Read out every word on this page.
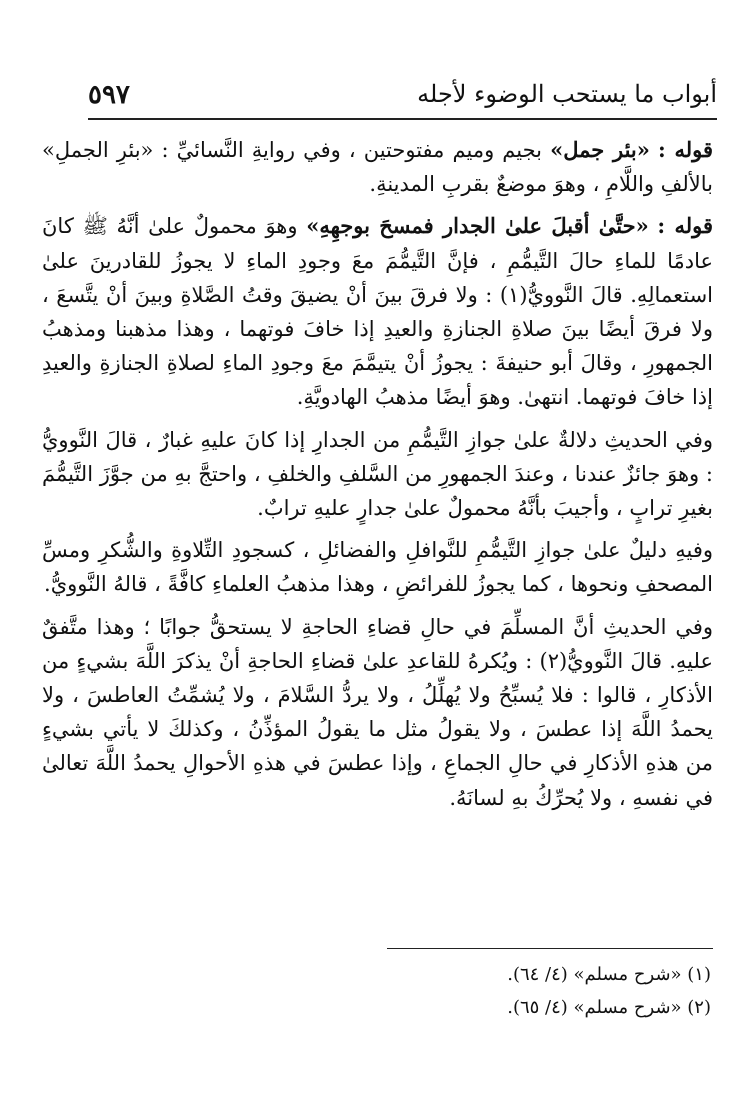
أبواب ما يستحب الوضوء لأجله
٥٩٧

قوله : «بئر جمل» بجيم وميم مفتوحتين ، وفي روايةِ النَّسائيِّ : «بئرِ الجملِ» بالألفِ واللَّامِ ، وهوَ موضعٌ بقربِ المدينةِ.

قوله : «حتَّىٰ أقبلَ علىٰ الجدار فمسحَ بوجهِهِ» وهوَ محمولٌ علىٰ أنَّهُ ﷺ كانَ عادمًا للماءِ حالَ التَّيمُّمِ ، فإنَّ التَّيمُّمَ معَ وجودِ الماءِ لا يجوزُ للقادرينَ علىٰ استعمالِهِ. قالَ النَّوويُّ(١) : ولا فرقَ بينَ أنْ يضيقَ وقتُ الصَّلاةِ وبينَ أنْ يتَّسعَ ، ولا فرقَ أيضًا بينَ صلاةِ الجنازةِ والعيدِ إذا خافَ فوتهما ، وهذا مذهبنا ومذهبُ الجمهورِ ، وقالَ أبو حنيفةَ : يجوزُ أنْ يتيمَّمَ معَ وجودِ الماءِ لصلاةِ الجنازةِ والعيدِ إذا خافَ فوتهما. انتهىٰ. وهوَ أيضًا مذهبُ الهادويَّةِ.

وفي الحديثِ دلالةٌ علىٰ جوازِ التَّيمُّمِ من الجدارِ إذا كانَ عليهِ غبارٌ ، قالَ النَّوويُّ : وهوَ جائزٌ عندنا ، وعندَ الجمهورِ من السَّلفِ والخلفِ ، واحتجَّ بهِ من جوَّزَ التَّيمُّمَ بغيرِ ترابٍ ، وأجيبَ بأنَّهُ محمولٌ علىٰ جدارٍ عليهِ ترابٌ.

وفيهِ دليلٌ علىٰ جوازِ التَّيمُّمِ للنَّوافلِ والفضائلِ ، كسجودِ التِّلاوةِ والشُّكرِ ومسِّ المصحفِ ونحوها ، كما يجوزُ للفرائضِ ، وهذا مذهبُ العلماءِ كافَّةً ، قالهُ النَّوويُّ.

وفي الحديثِ أنَّ المسلِّمَ في حالِ قضاءِ الحاجةِ لا يستحقُّ جوابًا ؛ وهذا متَّفقٌ عليهِ. قالَ النَّوويُّ(٢) : ويُكرهُ للقاعدِ علىٰ قضاءِ الحاجةِ أنْ يذكرَ اللَّهَ بشيءٍ من الأذكارِ ، قالوا : فلا يُسبِّحُ ولا يُهلِّلُ ، ولا يردُّ السَّلامَ ، ولا يُشمِّتُ العاطسَ ، ولا يحمدُ اللَّهَ إذا عطسَ ، ولا يقولُ مثل ما يقولُ المؤذِّنُ ، وكذلكَ لا يأتي بشيءٍ من هذهِ الأذكارِ في حالِ الجماعِ ، وإذا عطسَ في هذهِ الأحوالِ يحمدُ اللَّهَ تعالىٰ في نفسهِ ، ولا يُحرِّكُ بهِ لسانَهُ.

(١) «شرح مسلم» (٤/ ٦٤).
(٢) «شرح مسلم» (٤/ ٦٥).
